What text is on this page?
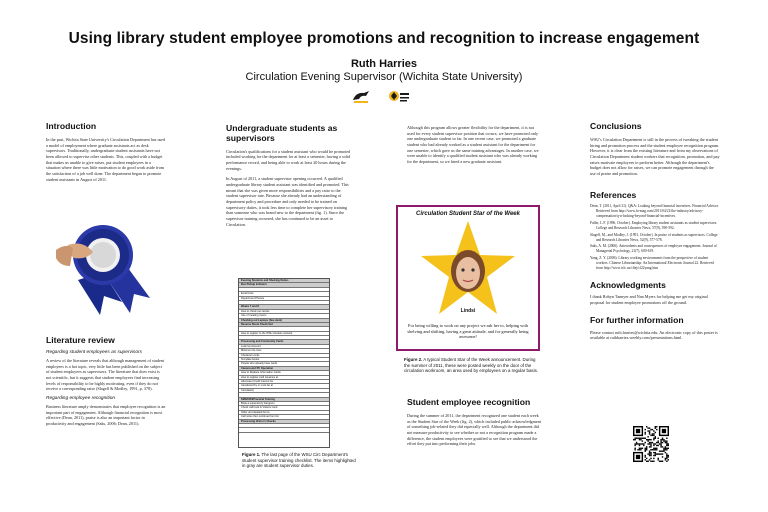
Using library student employee promotions and recognition to increase engagement
Ruth Harries
Circulation Evening Supervisor (Wichita State University)
Introduction

In the past, Wichita State University's Circulation Department has used a model of employment where graduate assistants act as desk supervisors. Traditionally, undergraduate student assistants have not been allowed to supervise other students. This, coupled with a budget that makes us unable to give raises, put student employees in a situation where there was little motivation to do good work aside from the satisfaction of a job well done. The department began to promote student assistants in August of 2011.

Literature review
Regarding student employees as supervisors

A review of the literature reveals that although management of student employees is a hot topic, very little has been published on the subject of student employees as supervisors. The literature that does exist is not scientific, but it suggests that student employees find increasing levels of responsibility to be highly motivating, even if they do not receive a corresponding raise (Slagell & Modley, 1991, p. 378).

Regarding employee recognition

Business literature amply demonstrates that employee recognition is an important part of engagement. Although financial recognition is most effective (Dean, 2011), praise is also an important factor in productivity and engagement (Saks, 2006; Dean, 2011).

Undergraduate students as supervisors

Circulation's qualifications for a student assistant who would be promoted included working for the department for at least a semester, having a solid performance record, and being able to work at least 20 hours during the evenings.

In August of 2011, a student supervisor opening occurred. A qualified undergraduate library student assistant was identified and promoted. This meant that she was given more responsibilities and a pay raise to the student supervisor rate. Because she already had an understanding of department policy and procedure and only needed to be trained on supervisory duties, it took less time to complete her supervisory training than someone who was brand new to the department (fig. 1). Since the supervisor training occurred, she has continued to be an asset to Circulation.

Evening Students and Shelving Duties
Bus Pickup & Return
Email Lists
Department Phones
Weeks 7 and 8
How to check out carrels
Use of meeting rooms
Checking out Laptops (See desk)
Reserve Room Check Out
How to register to the WSU wireless network
Processing and Community Cards
Look Up Account
Minimum ILL fees
Checkout Limits
Template books
People who already have cards
Camera and PC Operation
How to Replace Information Cards
How to register card issuance at
Advocate (Credit Cannot be
transferred by or must be at
Circulation)
SMS/CR3/Practical Training
Book a supervisory hangover
Check call book & Visitors Card
Other and detailed forms
Call notes then continue from list
Processing Visitor's Checks
Figure 1. The last page of the WSU Circ Department's student supervisor training checklist. The items highlighted in gray are student supervisor duties.

Although this program allows greater flexibility for the department, it is not used for every student supervisor position that occurs; we have promoted only one undergraduate student so far. In one recent case, we promoted a graduate student who had already worked as a student assistant for the department for one semester, which gave us the same training advantages. In another case, we were unable to identify a qualified student assistant who was already working for the department, so we hired a new graduate assistant.

Circulation Student Star of the Week
Lindsi
For being willing to work on any project we ask her to, helping with shelving and shifting, having a great attitude, and for generally being awesome!
Figure 2. A typical Student Star of the Week announcement. During the summer of 2011, these were posted weekly on the door of the circulation workroom, an area used by employees on a regular basis.
Student employee recognition

During the summer of 2011, the department recognized one student each week as the Student Star of the Week (fig. 2), which included public acknowledgment of something job-related they did especially well. Although the department did not measure productivity to see whether or not a recognition program made a difference, the student employees were gratified to see that we understood the effort they put into performing their jobs.

Conclusions

WSU's Circulation Department is still in the process of tweaking the student hiring and promotion process and the student employee recognition program. However, it is clear from the existing literature and from my observations of Circulation Department student workers that recognition, promotion, and pay raises motivate employees to perform better. Although the department's budget does not allow for raises, we can promote engagement through the use of praise and promotion.

References

Dean, T. (2011, April 21). Q&A: Looking beyond financial incentives. Financial Advisor. Retrieved from http://www.fa-mag.com/2011/04/21/the-industry/advisory-compensation/q-a-looking-beyond-financial-incentives.

Fuller, L.F. (1996, October). Employing library student assistants as student supervisors. College and Research Libraries News, 57(9), 590-592.

Slagell, M., and Modley, J. (1991, October). In praise of students as supervisors. College and Research Libraries News, 52(9), 577-578.

Saks, A. M. (2006). Antecedents and consequences of employee engagement. Journal of Managerial Psychology, 21(7), 600-619.

Yang, Z. Y. (2006). Library working environments from the perspective of student workers. Chinese Librarianship: An International Electronic Journal 22. Retrieved from http://www.iclc.us/cliej/cl22yang.htm

Acknowledgments

I thank Robyn Tannyer and Nan Myers for helping me get my original proposal for student employee promotions off the ground.

For further information

Please contact ruth.harries@wichita.edu. An electronic copy of this poster is available at ruthharries.weebly.com/presentations.html.
